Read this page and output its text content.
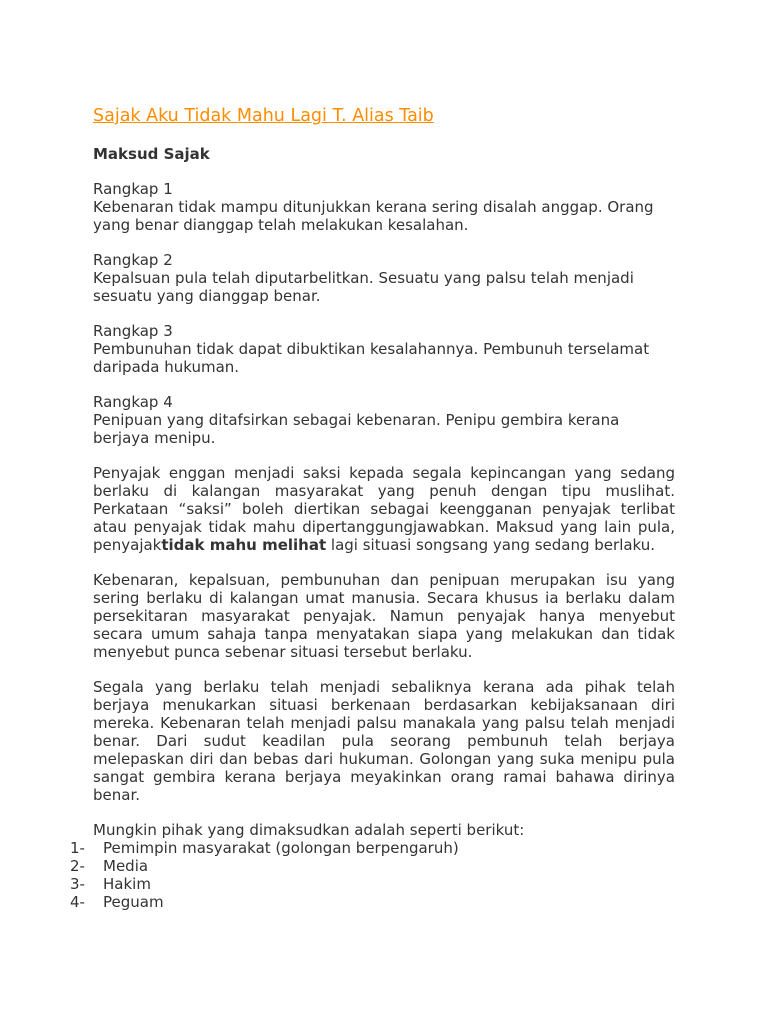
Sajak Aku Tidak Mahu Lagi T. Alias Taib
Maksud Sajak
Rangkap 1
Kebenaran tidak mampu ditunjukkan kerana sering disalah anggap. Orang yang benar dianggap telah melakukan kesalahan.
Rangkap 2
Kepalsuan pula telah diputarbelitkan. Sesuatu yang palsu telah menjadi sesuatu yang dianggap benar.
Rangkap 3
Pembunuhan tidak dapat dibuktikan kesalahannya. Pembunuh terselamat daripada hukuman.
Rangkap 4
Penipuan yang ditafsirkan sebagai kebenaran. Penipu gembira kerana berjaya menipu.

Penyajak enggan menjadi saksi kepada segala kepincangan yang sedang berlaku di kalangan masyarakat yang penuh dengan tipu muslihat. Perkataan “saksi” boleh diertikan sebagai keengganan penyajak terlibat atau penyajak tidak mahu dipertanggungjawabkan. Maksud yang lain pula, penyajaktidak mahu melihat lagi situasi songsang yang sedang berlaku.

Kebenaran, kepalsuan, pembunuhan dan penipuan merupakan isu yang sering berlaku di kalangan umat manusia. Secara khusus ia berlaku dalam persekitaran masyarakat penyajak. Namun penyajak hanya menyebut secara umum sahaja tanpa menyatakan siapa yang melakukan dan tidak menyebut punca sebenar situasi tersebut berlaku.

Segala yang berlaku telah menjadi sebaliknya kerana ada pihak telah berjaya menukarkan situasi berkenaan berdasarkan kebijaksanaan diri mereka. Kebenaran telah menjadi palsu manakala yang palsu telah menjadi benar. Dari sudut keadilan pula seorang pembunuh telah berjaya melepaskan diri dan bebas dari hukuman. Golongan yang suka menipu pula sangat gembira kerana berjaya meyakinkan orang ramai bahawa dirinya benar.

Mungkin pihak yang dimaksudkan adalah seperti berikut:
1-	Pemimpin masyarakat (golongan berpengaruh)
2-	Media
3-	Hakim
4-	Peguam
